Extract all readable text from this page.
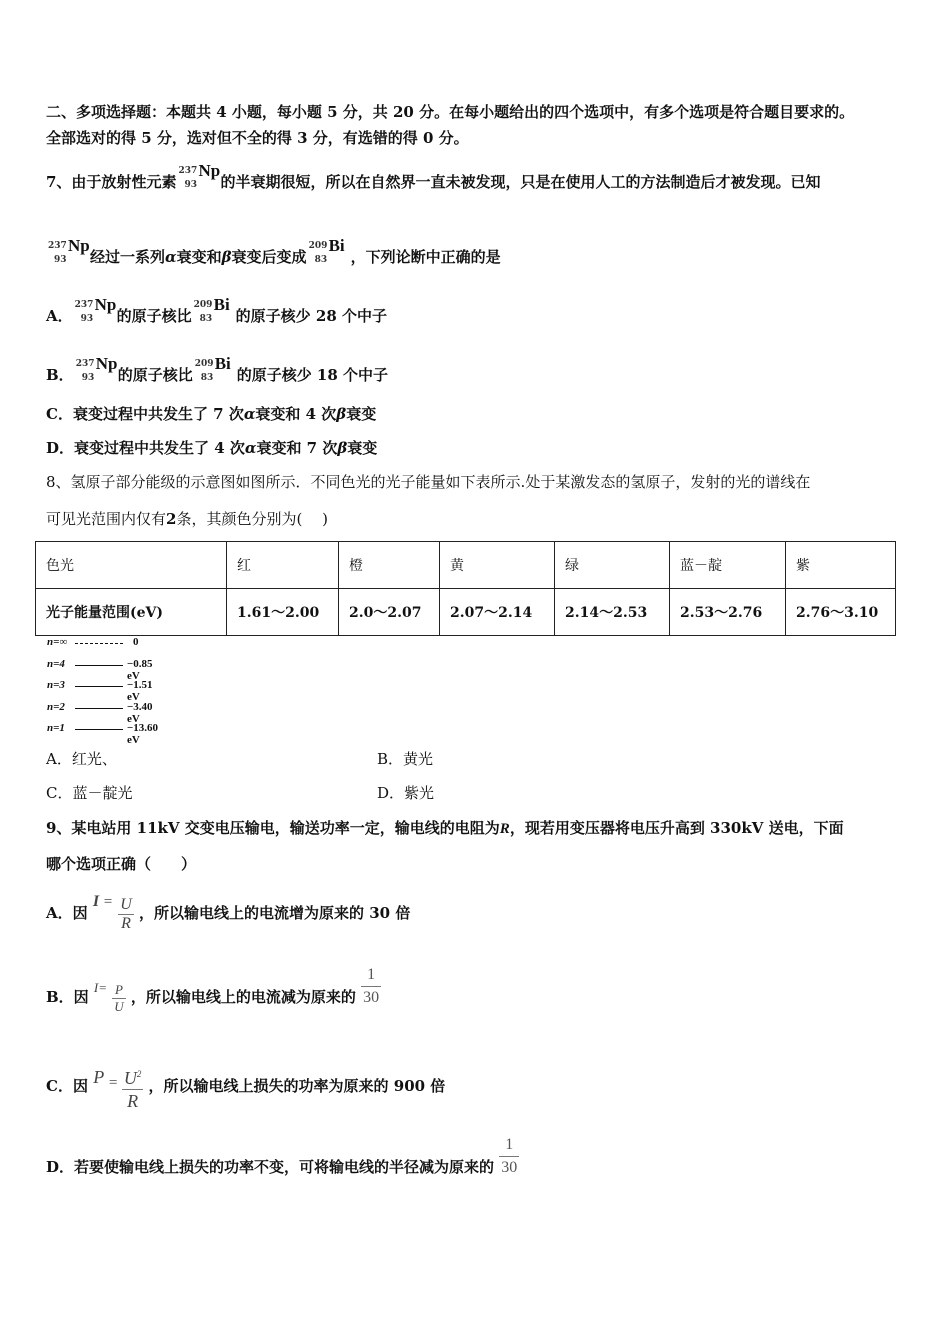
二、多项选择题：本题共 4 小题，每小题 5 分，共 20 分。在每小题给出的四个选项中，有多个选项是符合题目要求的。
全部选对的得 5 分，选对但不全的得 3 分，有选错的得 0 分。
7、由于放射性元素
237
93
Np
的半衰期很短，所以在自然界一直未被发现，只是在使用人工的方法制造后才被发现。已知
237
93
Np
经过一系列α衰变和β衰变后变成
209
83
Bi
，下列论断中正确的是
A．
237
93
Np
的原子核比
209
83
Bi
的原子核少 28 个中子
B．
237
93
Np
的原子核比
209
83
Bi
的原子核少 18 个中子
C．衰变过程中共发生了 7 次α衰变和 4 次β衰变
D．衰变过程中共发生了 4 次α衰变和 7 次β衰变
8、氢原子部分能级的示意图如图所示．不同色光的光子能量如下表所示.处于某激发态的氢原子，发射的光的谱线在
可见光范围内仅有2条，其颜色分别为(　 )
色光	红	橙	黄	绿	蓝－靛	紫
光子能量范围(eV)	1.61～2.00	2.0～2.07	2.07～2.14	2.14～2.53	2.53～2.76	2.76～3.10
n=∞	0
n=4	−0.85 eV
n=3	−1.51 eV
n=2	−3.40 eV
n=1	−13.60 eV
A．红光、	B．黄光
C．蓝－靛光	D．紫光
9、某电站用 11kV 交变电压输电，输送功率一定，输电线的电阻为R，现若用变压器将电压升高到 330kV 送电，下面
哪个选项正确（　　）
A．因 $I = \frac{U}{R}$ ，所以输电线上的电流增为原来的 30 倍
B．因 $I= \frac{P}{U}$ ，所以输电线上的电流减为原来的 $\frac{1}{30}$
C．因 $P = \frac{U^2}{R}$ ，所以输电线上损失的功率为原来的 900 倍
D．若要使输电线上损失的功率不变，可将输电线的半径减为原来的 $\frac{1}{30}$
